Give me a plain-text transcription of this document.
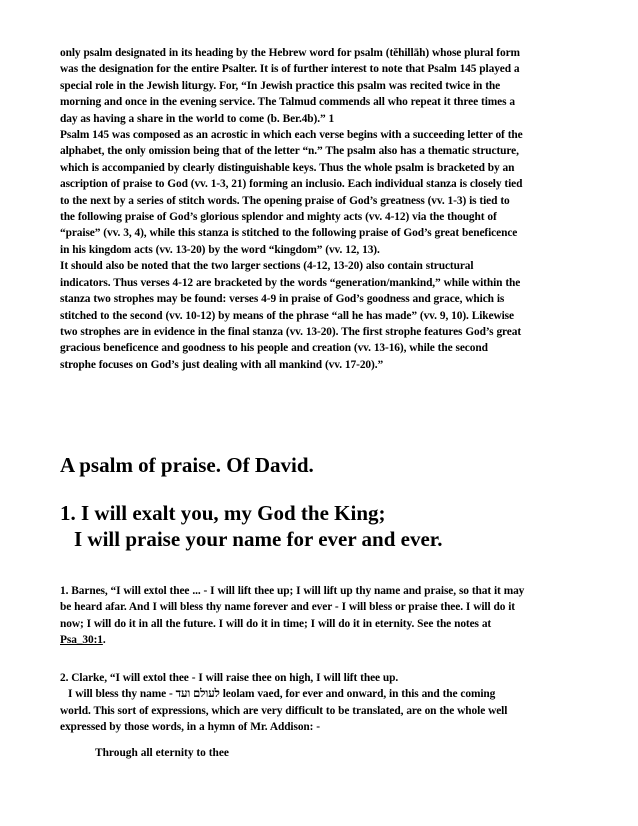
only psalm designated in its heading by the Hebrew word for psalm (tĕhillāh) whose plural form
was the designation for the entire Psalter. It is of further interest to note that Psalm 145 played a
special role in the Jewish liturgy. For, “In Jewish practice this psalm was recited twice in the
morning and once in the evening service. The Talmud commends all who repeat it three times a
day as having a share in the world to come (b. Ber.4b).” 1
Psalm 145 was composed as an acrostic in which each verse begins with a succeeding letter of the
alphabet, the only omission being that of the letter “n.” The psalm also has a thematic structure,
which is accompanied by clearly distinguishable keys. Thus the whole psalm is bracketed by an
ascription of praise to God (vv. 1-3, 21) forming an inclusio. Each individual stanza is closely tied
to the next by a series of stitch words. The opening praise of God’s greatness (vv. 1-3) is tied to
the following praise of God’s glorious splendor and mighty acts (vv. 4-12) via the thought of
“praise” (vv. 3, 4), while this stanza is stitched to the following praise of God’s great beneficence
in his kingdom acts (vv. 13-20) by the word “kingdom” (vv. 12, 13).
It should also be noted that the two larger sections (4-12, 13-20) also contain structural
indicators. Thus verses 4-12 are bracketed by the words “generation/mankind,” while within the
stanza two strophes may be found: verses 4-9 in praise of God’s goodness and grace, which is
stitched to the second (vv. 10-12) by means of the phrase “all he has made” (vv. 9, 10). Likewise
two strophes are in evidence in the final stanza (vv. 13-20). The first strophe features God’s great
gracious beneficence and goodness to his people and creation (vv. 13-16), while the second
strophe focuses on God’s just dealing with all mankind (vv. 17-20).”
A psalm of praise. Of David.
1. I will exalt you, my God the King;
I will praise your name for ever and ever.
1. Barnes, “I will extol thee ... - I will lift thee up; I will lift up thy name and praise, so that it may
be heard afar. And I will bless thy name forever and ever - I will bless or praise thee. I will do it
now; I will do it in all the future. I will do it in time; I will do it in eternity. See the notes at
Psa_30:1.
2. Clarke, “I will extol thee - I will raise thee on high, I will lift thee up.
I will bless thy name - לעולם ועד leolam vaed, for ever and onward, in this and the coming
world. This sort of expressions, which are very difficult to be translated, are on the whole well
expressed by those words, in a hymn of Mr. Addison: -
Through all eternity to thee
